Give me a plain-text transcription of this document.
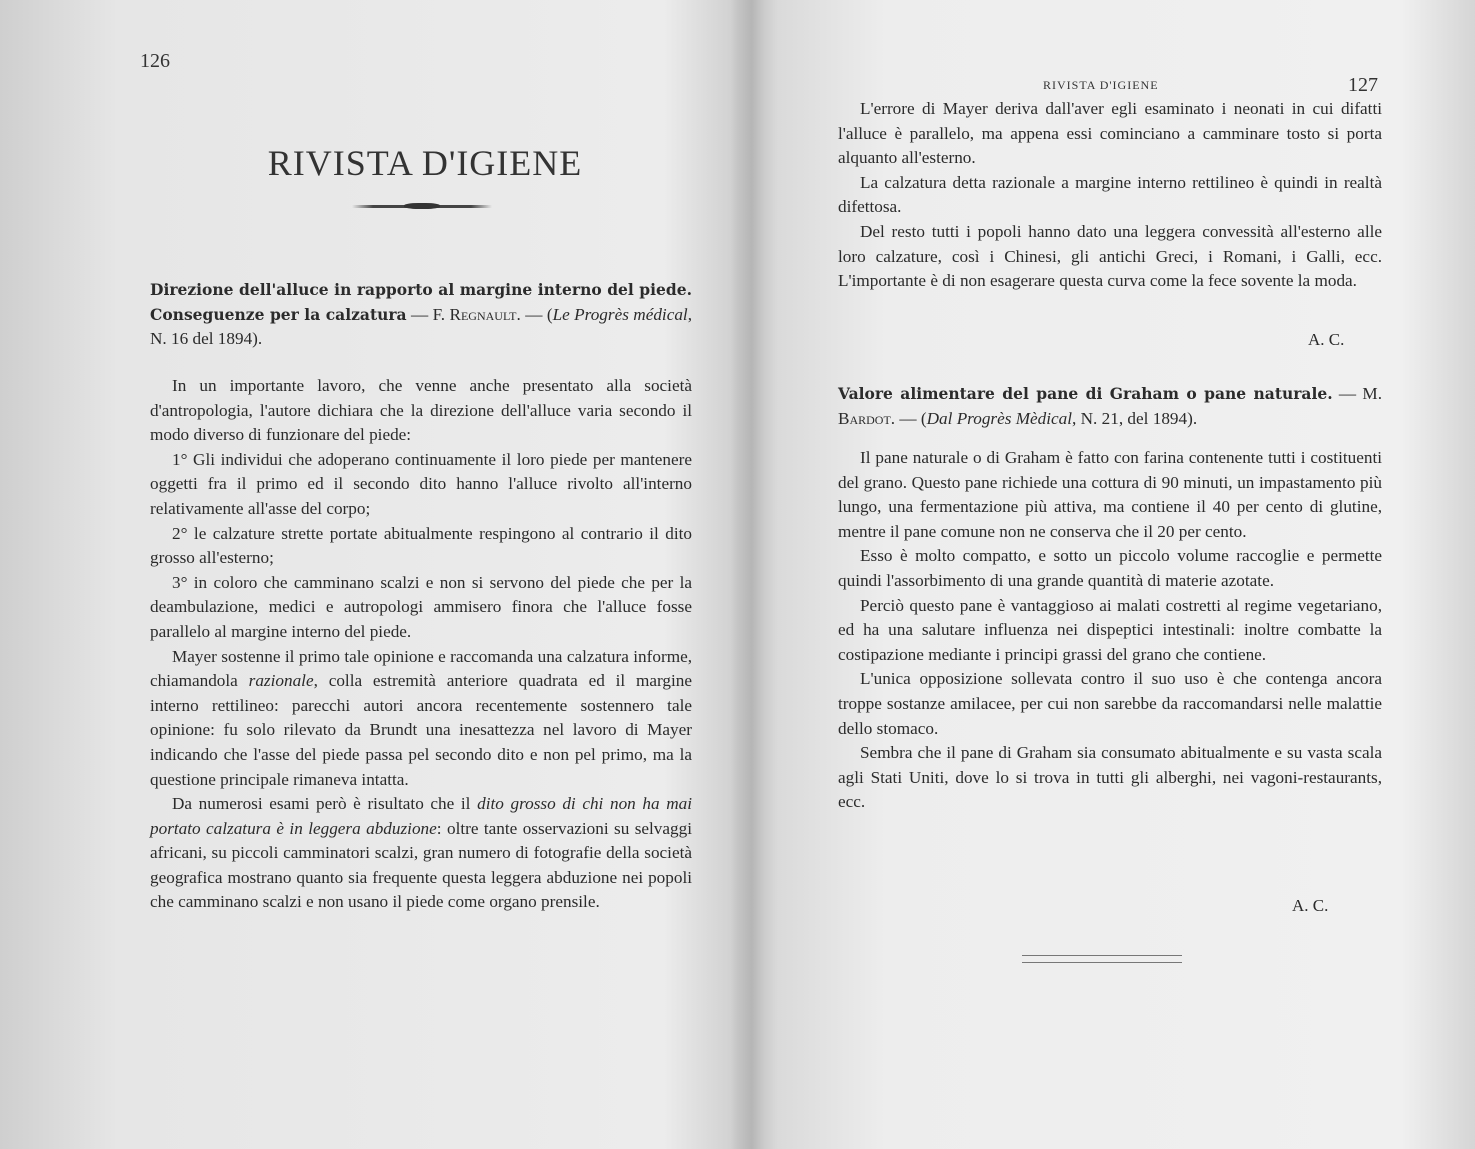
126
RIVISTA D'IGIENE

Direzione dell'alluce in rapporto al margine interno del piede. Conseguenze per la calzatura — F. Regnault. — (Le Progrès médical, N. 16 del 1894).

In un importante lavoro, che venne anche presentato alla società d'antropologia, l'autore dichiara che la direzione dell'alluce varia secondo il modo diverso di funzionare del piede:

1° Gli individui che adoperano continuamente il loro piede per mantenere oggetti fra il primo ed il secondo dito hanno l'alluce rivolto all'interno relativamente all'asse del corpo;

2° le calzature strette portate abitualmente respingono al contrario il dito grosso all'esterno;

3° in coloro che camminano scalzi e non si servono del piede che per la deambulazione, medici e autropologi ammisero finora che l'alluce fosse parallelo al margine interno del piede.

Mayer sostenne il primo tale opinione e raccomanda una calzatura informe, chiamandola razionale, colla estremità anteriore quadrata ed il margine interno rettilineo: parecchi autori ancora recentemente sostennero tale opinione: fu solo rilevato da Brundt una inesattezza nel lavoro di Mayer indicando che l'asse del piede passa pel secondo dito e non pel primo, ma la questione principale rimaneva intatta.

Da numerosi esami però è risultato che il dito grosso di chi non ha mai portato calzatura è in leggera abduzione: oltre tante osservazioni su selvaggi africani, su piccoli camminatori scalzi, gran numero di fotografie della società geografica mostrano quanto sia frequente questa leggera abduzione nei popoli che camminano scalzi e non usano il piede come organo prensile.

RIVISTA D'IGIENE	127

L'errore di Mayer deriva dall'aver egli esaminato i neonati in cui difatti l'alluce è parallelo, ma appena essi cominciano a camminare tosto si porta alquanto all'esterno.

La calzatura detta razionale a margine interno rettilineo è quindi in realtà difettosa.

Del resto tutti i popoli hanno dato una leggera convessità all'esterno alle loro calzature, così i Chinesi, gli antichi Greci, i Romani, i Galli, ecc. L'importante è di non esagerare questa curva come la fece sovente la moda.

A. C.

Valore alimentare del pane di Graham o pane naturale. — M. Bardot. — (Dal Progrès Mèdical, N. 21, del 1894).

Il pane naturale o di Graham è fatto con farina contenente tutti i costituenti del grano. Questo pane richiede una cottura di 90 minuti, un impastamento più lungo, una fermentazione più attiva, ma contiene il 40 per cento di glutine, mentre il pane comune non ne conserva che il 20 per cento.

Esso è molto compatto, e sotto un piccolo volume raccoglie e permette quindi l'assorbimento di una grande quantità di materie azotate.

Perciò questo pane è vantaggioso ai malati costretti al regime vegetariano, ed ha una salutare influenza nei dispeptici intestinali: inoltre combatte la costipazione mediante i principi grassi del grano che contiene.

L'unica opposizione sollevata contro il suo uso è che contenga ancora troppe sostanze amilacee, per cui non sarebbe da raccomandarsi nelle malattie dello stomaco.

Sembra che il pane di Graham sia consumato abitualmente e su vasta scala agli Stati Uniti, dove lo si trova in tutti gli alberghi, nei vagoni-restaurants, ecc.

A. C.
